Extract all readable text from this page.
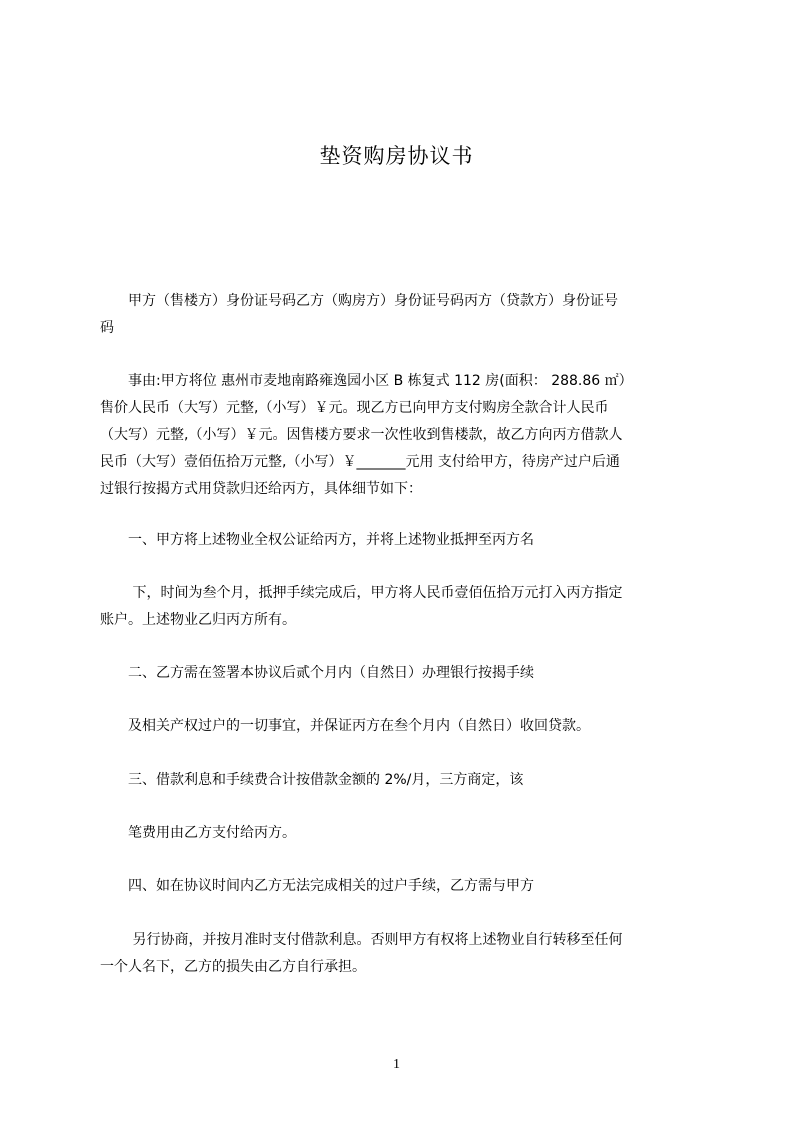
垫资购房协议书

　　甲方（售楼方）身份证号码乙方（购房方）身份证号码丙方（贷款方）身份证号
码

　　事由:甲方将位 惠州市麦地南路雍逸园小区 B 栋复式 112 房(面积： 288.86 ㎡）
售价人民币（大写）元整,（小写）￥元。现乙方已向甲方支付购房全款合计人民币
（大写）元整,（小写）￥元。因售楼方要求一次性收到售楼款，故乙方向丙方借款人
民币（大写）壹佰伍拾万元整,（小写）￥_______元用 支付给甲方，待房产过户后通
过银行按揭方式用贷款归还给丙方，具体细节如下：

　　一、甲方将上述物业全权公证给丙方，并将上述物业抵押至丙方名

　　 下，时间为叁个月，抵押手续完成后，甲方将人民币壹佰伍拾万元打入丙方指定
账户。上述物业乙归丙方所有。

　　二、乙方需在签署本协议后贰个月内（自然日）办理银行按揭手续

　　及相关产权过户的一切事宜，并保证丙方在叁个月内（自然日）收回贷款。

　　三、借款利息和手续费合计按借款金额的 2%/月，三方商定，该

　　笔费用由乙方支付给丙方。

　　四、如在协议时间内乙方无法完成相关的过户手续，乙方需与甲方

　　 另行协商，并按月准时支付借款利息。否则甲方有权将上述物业自行转移至任何
一个人名下，乙方的损失由乙方自行承担。

1
